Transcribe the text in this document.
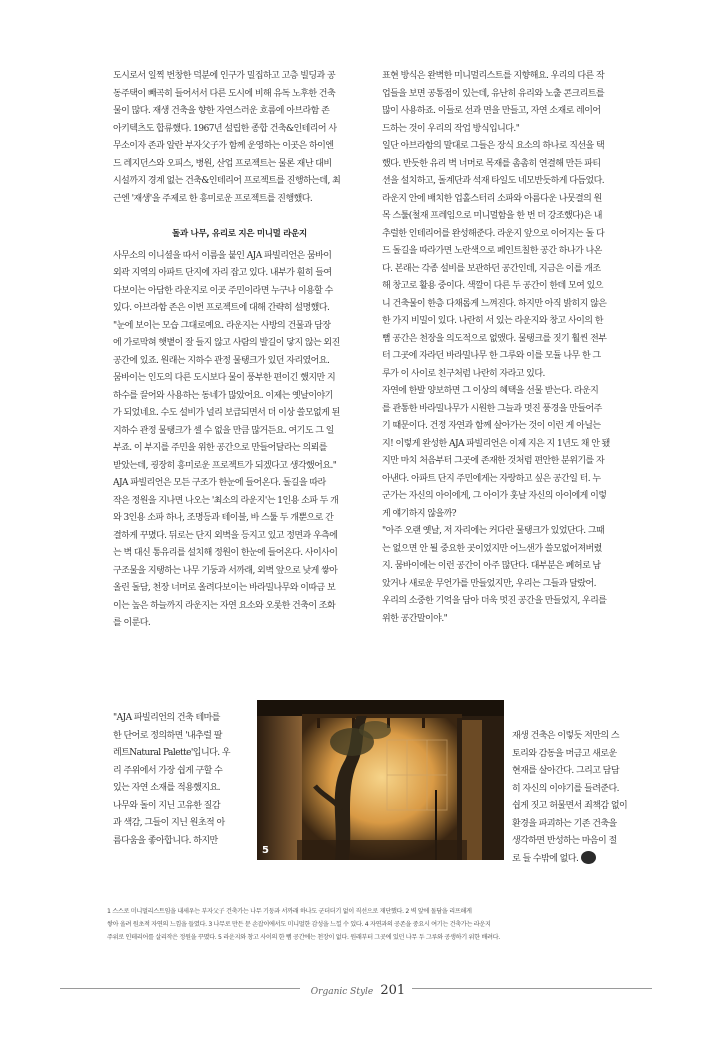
도시로서 일찍 번창한 덕분에 인구가 밀집하고 고층 빌딩과 공

동주택이 빼곡히 들어서서 다른 도시에 비해 유독 노후한 건축

물이 많다. 재생 건축을 향한 자연스러운 흐름에 아브라함 존

아키텍츠도 합류했다. 1967년 설립한 종합 건축&인테리어 사

무소이자 존과 알란 부자父子가 함께 운영하는 이곳은 하이엔

드 레지던스와 오피스, 병원, 산업 프로젝트는 물론 재난 대비

시설까지 경계 없는 건축&인테리어 프로젝트를 진행하는데, 최

근엔 '재생'을 주제로 한 흥미로운 프로젝트를 진행했다.

돌과 나무, 유리로 지은 미니멀 라운지

사무소의 이니셜을 따서 이름을 붙인 AJA 파빌리언은 뭄바이

외곽 지역의 아파트 단지에 자리 잡고 있다. 내부가 훤히 들여

다보이는 아담한 라운지로 이곳 주민이라면 누구나 이용할 수

있다. 아브라함 존은 이번 프로젝트에 대해 간략히 설명했다.

"눈에 보이는 모습 그대로예요. 라운지는 사방의 건물과 담장

에 가로막혀 햇볕이 잘 들지 않고 사람의 발길이 닿지 않는 외진

공간에 있죠. 원래는 지하수 관정 물탱크가 있던 자리였어요.

뭄바이는 인도의 다른 도시보다 물이 풍부한 편이긴 했지만 지

하수를 끌어와 사용하는 동네가 많았어요. 이제는 옛날이야기

가 되었네요. 수도 설비가 널리 보급되면서 더 이상 쓸모없게 된

지하수 관정 물탱크가 셀 수 없을 만큼 많거든요. 여기도 그 일

부죠. 이 부지를 주민을 위한 공간으로 만들어달라는 의뢰를

받았는데, 굉장히 흥미로운 프로젝트가 되겠다고 생각했어요."

AJA 파빌리언은 모든 구조가 한눈에 들어온다. 돌길을 따라

작은 정원을 지나면 나오는 '최소의 라운지'는 1인용 소파 두 개

와 3인용 소파 하나, 조명등과 테이블, 바 스툴 두 개뿐으로 간

결하게 꾸몄다. 뒤로는 단지 외벽을 등지고 있고 정면과 우측에

는 벽 대신 통유리를 설치해 정원이 한눈에 들어온다. 사이사이

구조물을 지탱하는 나무 기둥과 서까래, 외벽 앞으로 낮게 쌓아

올린 돌담, 천장 너머로 올려다보이는 바라밀나무와 이따금 보

이는 높은 하늘까지 라운지는 자연 요소와 오롯한 건축이 조화

를 이룬다.

"AJA 파빌리언의 건축 테마를

한 단어로 정의하면 '내추럴 팔

레트Natural Palette'입니다. 우

리 주위에서 가장 쉽게 구할 수

있는 자연 소재를 적용했지요.

나무와 돌이 지닌 고유한 질감

과 색감, 그들이 지닌 원초적 아

름다움을 좋아합니다. 하지만

5

표현 방식은 완벽한 미니멀리스트를 지향해요. 우리의 다른 작

업들을 보면 공통점이 있는데, 유난히 유리와 노출 콘크리트를

많이 사용하죠. 이들로 선과 면을 만들고, 자연 소재로 레이어

드하는 것이 우리의 작업 방식입니다."

일단 아브라함의 말대로 그들은 장식 요소의 하나로 직선을 택

했다. 반듯한 유리 벽 너머로 목재를 촘촘히 연결해 만든 파티

션을 설치하고, 돌계단과 석재 타일도 네모반듯하게 다듬었다.

라운지 안에 배치한 업홀스터리 소파와 아름다운 나뭇결의 원

목 스툴(철재 프레임으로 미니멀함을 한 번 더 강조했다)은 내

추럴한 인테리어를 완성해준다. 라운지 앞으로 이어지는 돌 다

드 돌길을 따라가면 노란색으로 페인트칠한 공간 하나가 나온

다. 본래는 각종 설비를 보관하던 공간인데, 지금은 이를 개조

해 창고로 활용 중이다. 색깔이 다른 두 공간이 한데 모여 있으

니 건축물이 한층 다채롭게 느껴진다. 하지만 아직 밝히지 않은

한 가지 비밀이 있다. 나란히 서 있는 라운지와 창고 사이의 한

뼘 공간은 천장을 의도적으로 없앴다. 물탱크를 짓기 훨씬 전부

터 그곳에 자라던 바라밀나무 한 그루와 이를 모듈 나무 한 그

루가 이 사이로 친구처럼 나란히 자라고 있다.

자연에 한발 양보하면 그 이상의 혜택을 선물 받는다. 라운지

를 관통한 바라밀나무가 시원한 그늘과 멋진 풍경을 만들어주

기 때문이다. 건정 자연과 함께 살아가는 것이 이런 게 아닐는

지! 이렇게 완성한 AJA 파빌리언은 이제 지은 지 1년도 채 안 됐

지만 마치 처음부터 그곳에 존재한 것처럼 편안한 분위기를 자

아낸다. 아파트 단지 주민에게는 자랑하고 싶은 공간일 터. 누

군가는 자신의 아이에게, 그 아이가 훗날 자신의 아이에게 이렇

게 얘기하지 않을까?

"아주 오랜 옛날, 저 자리에는 커다란 물탱크가 있었단다. 그때

는 없으면 안 될 중요한 곳이었지만 어느샌가 쓸모없어져버렸

지. 뭄바이에는 이런 공간이 아주 많단다. 대부분은 폐허로 남

았거나 새로운 무언가를 만들었지만, 우리는 그들과 달랐어.

우리의 소중한 기억을 담아 더욱 멋진 공간을 만들었지, 우리를

위한 공간말이야."

재생 건축은 이렇듯 저만의 스

토리와 감동을 머금고 새로운

현재를 살아간다. 그리고 담담

히 자신의 이야기를 들려준다.

쉽게 짓고 허물면서 죄책감 없이

환경을 파괴하는 기존 건축을

생각하면 반성하는 마음이 절

로 들 수밖에 없다.

1 스스로 미니멀리스트임을 내세우는 부자父子 건축가는 나무 기둥과 서까래 하나도 군더더기 없이 직선으로 재단했다. 2 벽 앞에 돌담을 리프해게

쌓아 올려 원초적 자연의 느낌을 들였다. 3 나무로 만든 문 손잡이에서도 미니멀한 감성을 느낄 수 있다. 4 자연과의 공존을 중요시 여기는 건축가는 라운지

주위로 인테리어를 살리작은 정원을 꾸몄다. 5 라운지와 창고 사이의 한 뼘 공간에는 천장이 없다. 원래부터 그곳에 있던 나무 두 그루와 공생하기 위한 배려다.

Organic Style 201
